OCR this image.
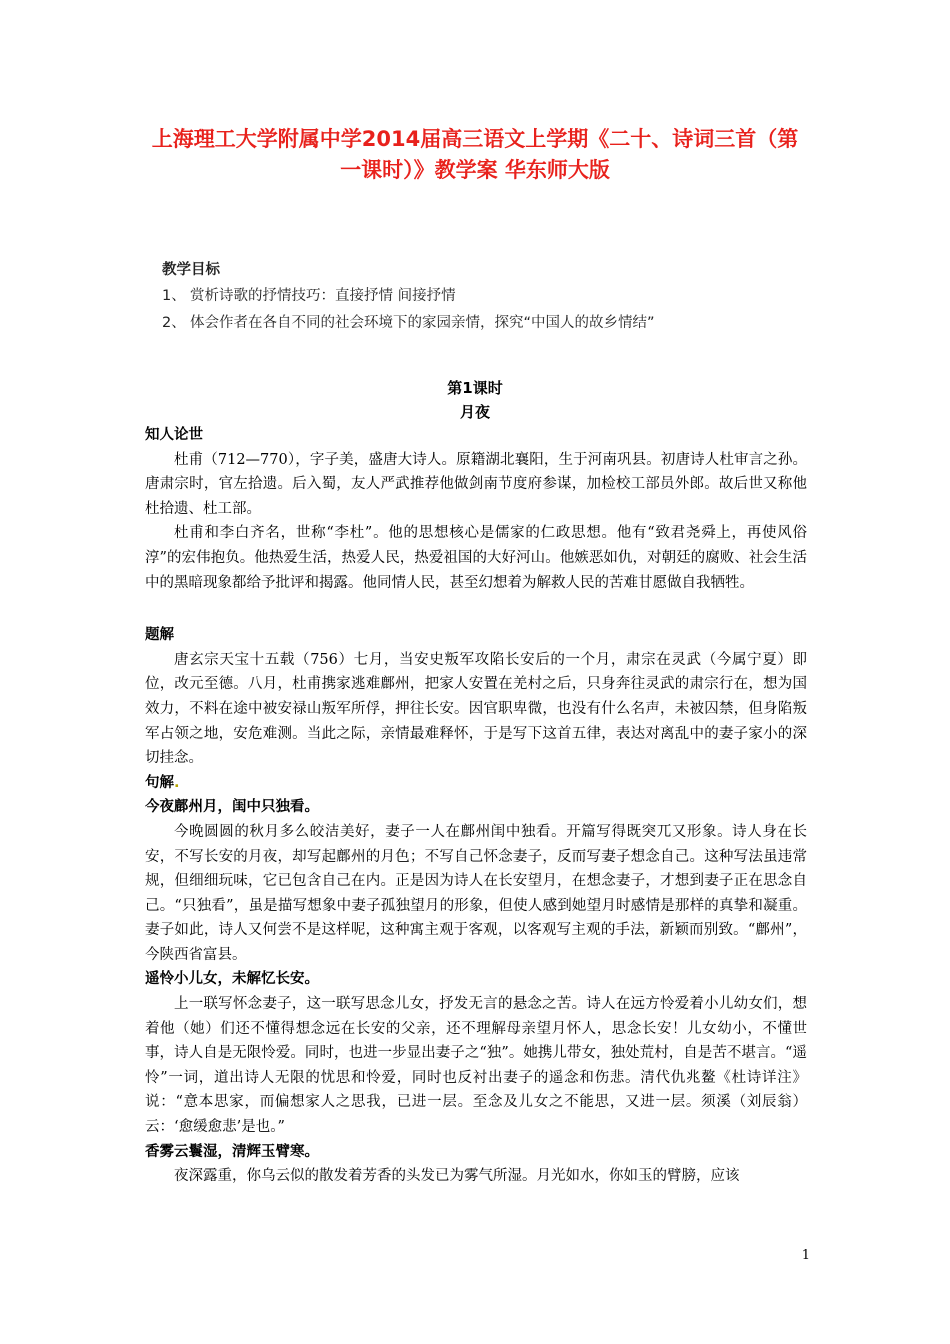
上海理工大学附属中学2014届高三语文上学期《二十、诗词三首（第
一课时）》教学案 华东师大版
教学目标
1、 赏析诗歌的抒情技巧：直接抒情 间接抒情
2、 体会作者在各自不同的社会环境下的家园亲情，探究“中国人的故乡情结”
第1课时
月夜
知人论世

杜甫（712—770），字子美，盛唐大诗人。原籍湖北襄阳，生于河南巩县。初唐诗人杜审言之孙。唐肃宗时，官左拾遗。后入蜀，友人严武推荐他做剑南节度府参谋，加检校工部员外郎。故后世又称他杜拾遗、杜工部。

杜甫和李白齐名，世称“李杜”。他的思想核心是儒家的仁政思想。他有“致君尧舜上，再使风俗淳”的宏伟抱负。他热爱生活，热爱人民，热爱祖国的大好河山。他嫉恶如仇，对朝廷的腐败、社会生活中的黑暗现象都给予批评和揭露。他同情人民，甚至幻想着为解救人民的苦难甘愿做自我牺牲。

题解

唐玄宗天宝十五载（756）七月，当安史叛军攻陷长安后的一个月，肃宗在灵武（今属宁夏）即位，改元至德。八月，杜甫携家逃难鄜州，把家人安置在羌村之后，只身奔往灵武的肃宗行在，想为国效力，不料在途中被安禄山叛军所俘，押往长安。因官职卑微，也没有什么名声，未被囚禁，但身陷叛军占领之地，安危难测。当此之际，亲情最难释怀，于是写下这首五律，表达对离乱中的妻子家小的深切挂念。

句解.
今夜鄜州月，闺中只独看。

今晚圆圆的秋月多么皎洁美好，妻子一人在鄜州闺中独看。开篇写得既突兀又形象。诗人身在长安，不写长安的月夜，却写起鄜州的月色；不写自己怀念妻子，反而写妻子想念自己。这种写法虽违常规，但细细玩味，它已包含自己在内。正是因为诗人在长安望月，在想念妻子，才想到妻子正在思念自己。“只独看”，虽是描写想象中妻子孤独望月的形象，但使人感到她望月时感情是那样的真挚和凝重。妻子如此，诗人又何尝不是这样呢，这种寓主观于客观，以客观写主观的手法，新颖而别致。“鄜州”，今陕西省富县。

遥怜小儿女，未解忆长安。

上一联写怀念妻子，这一联写思念儿女，抒发无言的悬念之苦。诗人在远方怜爱着小儿幼女们，想着他（她）们还不懂得想念远在长安的父亲，还不理解母亲望月怀人，思念长安！儿女幼小，不懂世事，诗人自是无限怜爱。同时，也进一步显出妻子之“独”。她携儿带女，独处荒村，自是苦不堪言。“遥怜”一词，道出诗人无限的忧思和怜爱，同时也反衬出妻子的遥念和伤悲。清代仇兆鳌《杜诗详注》说：“意本思家，而偏想家人之思我，已进一层。至念及儿女之不能思，又进一层。须溪（刘辰翁）云：‘愈缓愈悲’是也。”

香雾云鬟湿，清辉玉臂寒。

夜深露重，你乌云似的散发着芳香的头发已为雾气所湿。月光如水，你如玉的臂膀，应该

1
